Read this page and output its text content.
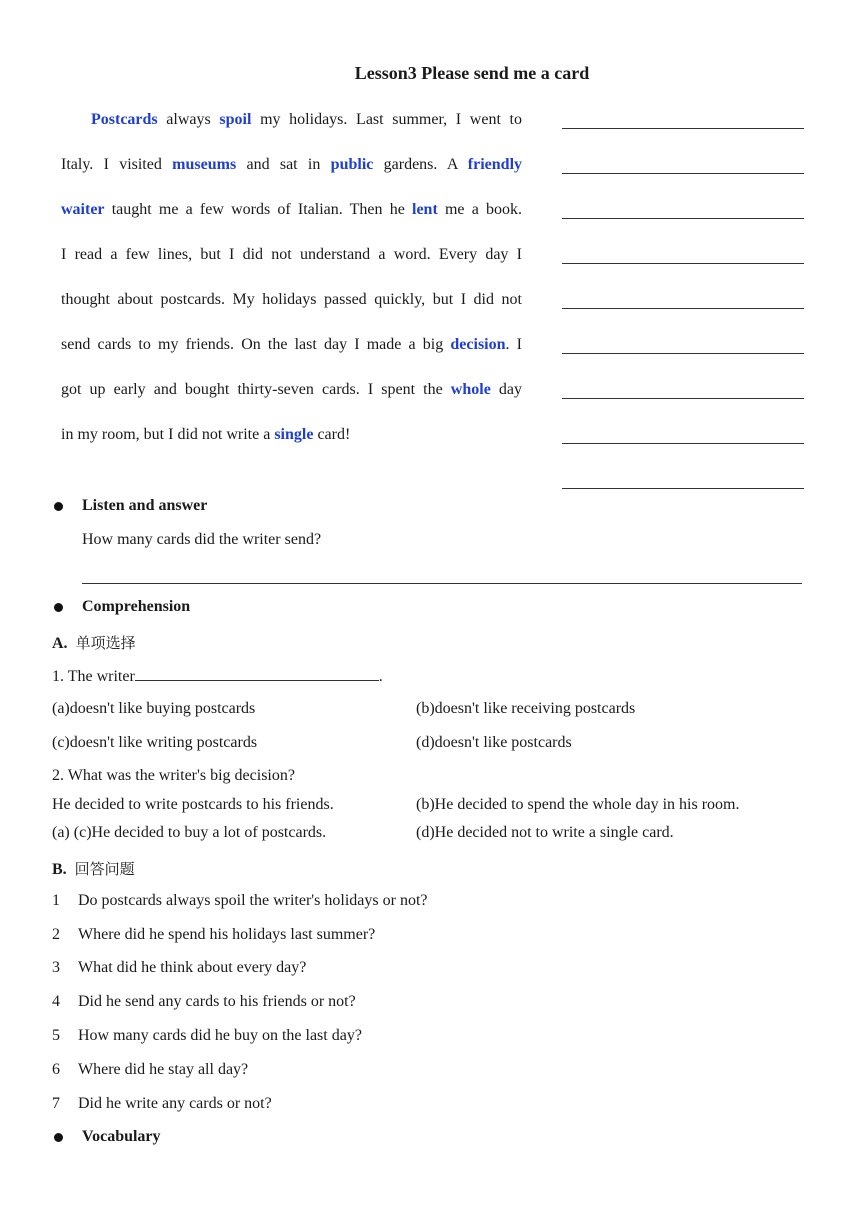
Lesson3 Please send me a card
Postcards always spoil my holidays. Last summer, I went to
Italy. I visited museums and sat in public gardens. A friendly
waiter taught me a few words of Italian. Then he lent me a book.
I read a few lines, but I did not understand a word. Every day I
thought about postcards. My holidays passed quickly, but I did not
send cards to my friends. On the last day I made a big decision. I
got up early and bought thirty-seven cards. I spent the whole day
in my room, but I did not write a single card!
Listen and answer
How many cards did the writer send?
Comprehension
A. 单项选择
1. The writer	.
(a)doesn't like buying postcards	(b)doesn't like receiving postcards
(c)doesn't like writing postcards	(d)doesn't like postcards
2. What was the writer's big decision?
He decided to write postcards to his friends.	(b)He decided to spend the whole day in his room.
(a) (c)He decided to buy a lot of postcards.	(d)He decided not to write a single card.
B. 回答问题
1 Do postcards always spoil the writer's holidays or not?
2 Where did he spend his holidays last summer?
3 What did he think about every day?
4 Did he send any cards to his friends or not?
5 How many cards did he buy on the last day?
6 Where did he stay all day?
7 Did he write any cards or not?
Vocabulary
